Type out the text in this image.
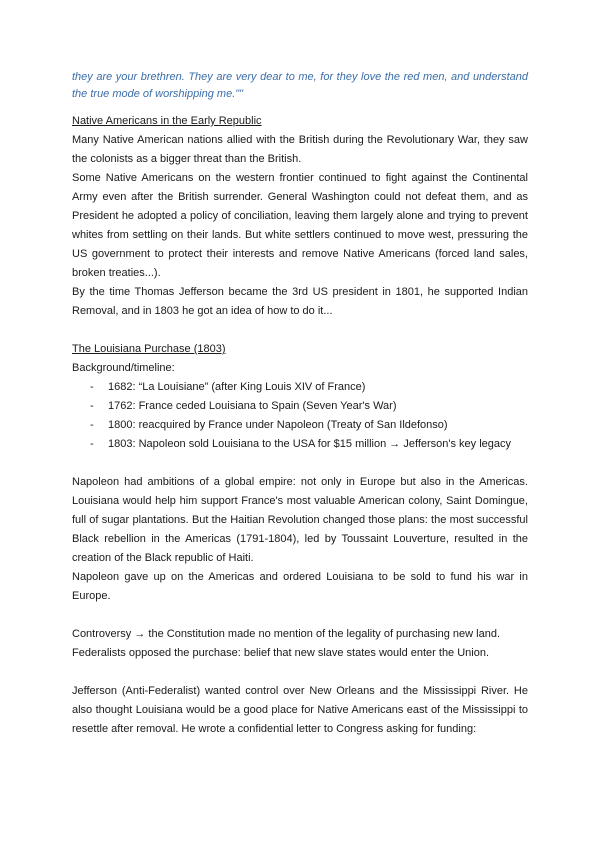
they are your brethren. They are very dear to me, for they love the red men, and understand the true mode of worshipping me.""

Native Americans in the Early Republic

Many Native American nations allied with the British during the Revolutionary War, they saw the colonists as a bigger threat than the British.

Some Native Americans on the western frontier continued to fight against the Continental Army even after the British surrender. General Washington could not defeat them, and as President he adopted a policy of conciliation, leaving them largely alone and trying to prevent whites from settling on their lands. But white settlers continued to move west, pressuring the US government to protect their interests and remove Native Americans (forced land sales, broken treaties...).

By the time Thomas Jefferson became the 3rd US president in 1801, he supported Indian Removal, and in 1803 he got an idea of how to do it...

The Louisiana Purchase (1803)

Background/timeline:

- 1682: “La Louisiane” (after King Louis XIV of France)
- 1762: France ceded Louisiana to Spain (Seven Year's War)
- 1800: reacquired by France under Napoleon (Treaty of San Ildefonso)
- 1803: Napoleon sold Louisiana to the USA for $15 million → Jefferson's key legacy

Napoleon had ambitions of a global empire: not only in Europe but also in the Americas. Louisiana would help him support France's most valuable American colony, Saint Domingue, full of sugar plantations. But the Haitian Revolution changed those plans: the most successful Black rebellion in the Americas (1791-1804), led by Toussaint Louverture, resulted in the creation of the Black republic of Haiti.

Napoleon gave up on the Americas and ordered Louisiana to be sold to fund his war in Europe.

Controversy → the Constitution made no mention of the legality of purchasing new land.

Federalists opposed the purchase: belief that new slave states would enter the Union.

Jefferson (Anti-Federalist) wanted control over New Orleans and the Mississippi River. He also thought Louisiana would be a good place for Native Americans east of the Mississippi to resettle after removal. He wrote a confidential letter to Congress asking for funding:
